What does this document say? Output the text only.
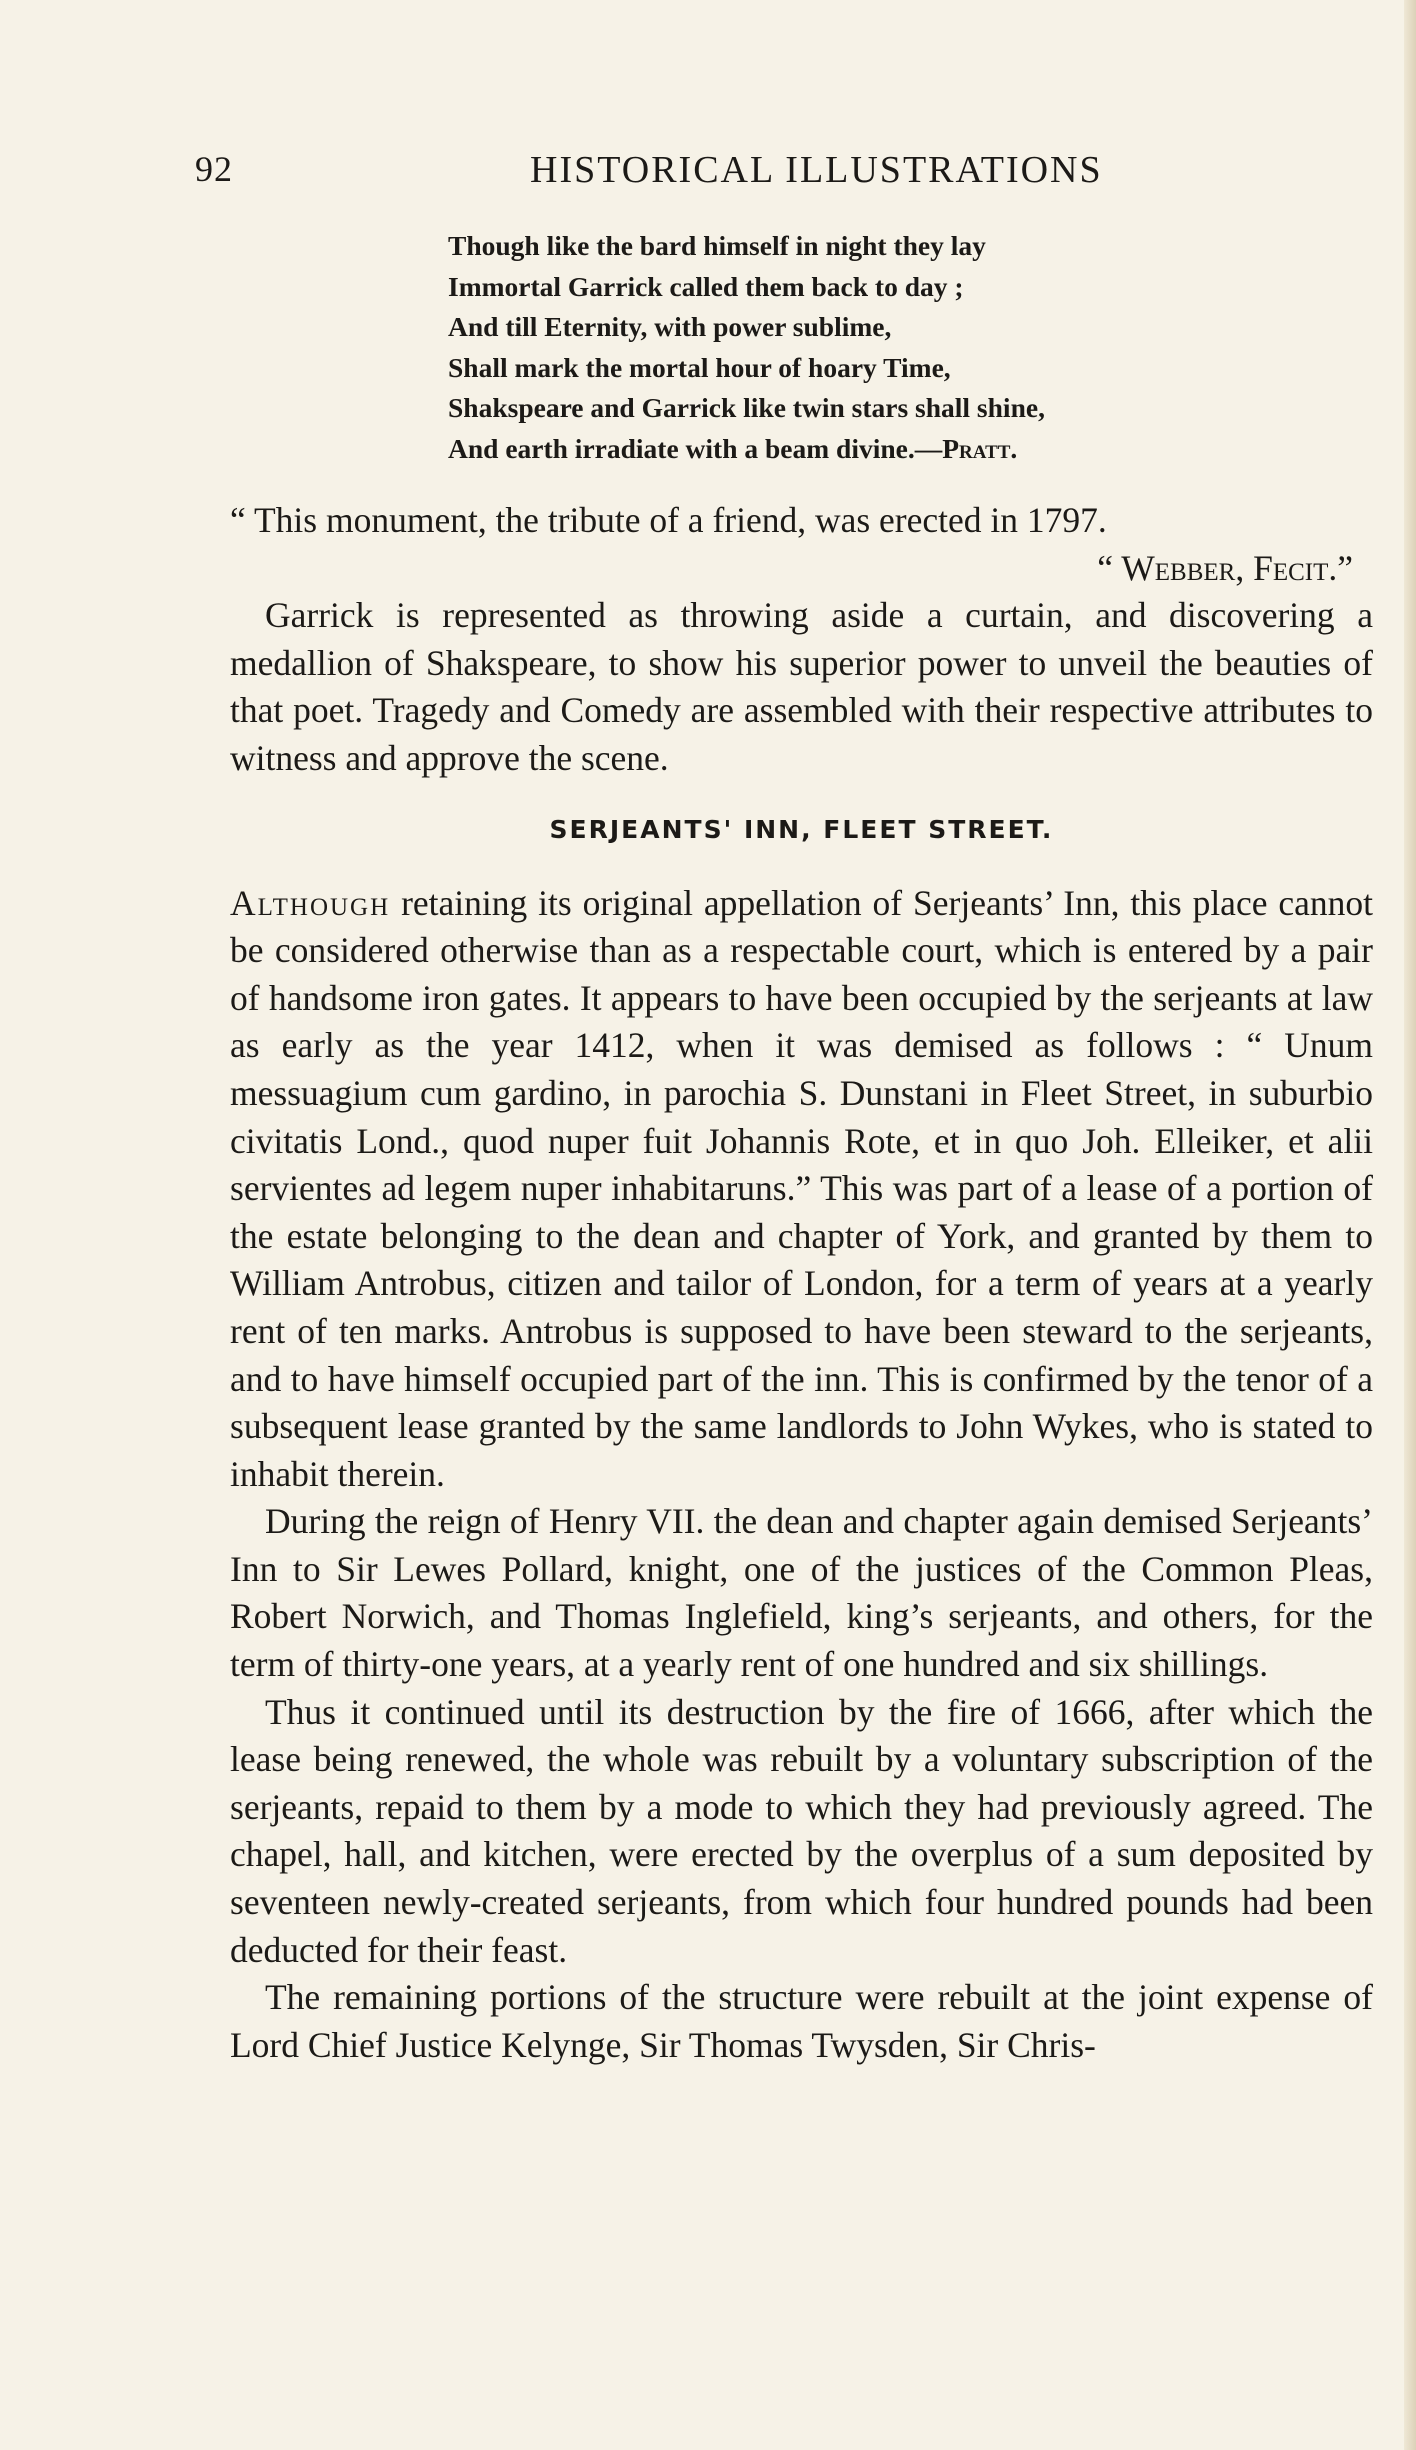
92	HISTORICAL ILLUSTRATIONS
Though like the bard himself in night they lay
Immortal Garrick called them back to day ;
And till Eternity, with power sublime,
Shall mark the mortal hour of hoary Time,
Shakspeare and Garrick like twin stars shall shine,
And earth irradiate with a beam divine.—Pratt.

“ This monument, the tribute of a friend, was erected in 1797.

“ Webber, Fecit.”

Garrick is represented as throwing aside a curtain, and discovering a medallion of Shakspeare, to show his superior power to unveil the beauties of that poet. Tragedy and Comedy are assembled with their respective attributes to witness and approve the scene.

SERJEANTS' INN, FLEET STREET.

Although retaining its original appellation of Serjeants’ Inn, this place cannot be considered otherwise than as a respectable court, which is entered by a pair of handsome iron gates. It appears to have been occupied by the serjeants at law as early as the year 1412, when it was demised as follows : “ Unum messuagium cum gardino, in parochia S. Dunstani in Fleet Street, in suburbio civitatis Lond., quod nuper fuit Johannis Rote, et in quo Joh. Elleiker, et alii servientes ad legem nuper inhabitaruns.” This was part of a lease of a portion of the estate belonging to the dean and chapter of York, and granted by them to William Antrobus, citizen and tailor of London, for a term of years at a yearly rent of ten marks. Antrobus is supposed to have been steward to the serjeants, and to have himself occupied part of the inn. This is confirmed by the tenor of a subsequent lease granted by the same landlords to John Wykes, who is stated to inhabit therein.

During the reign of Henry VII. the dean and chapter again demised Serjeants’ Inn to Sir Lewes Pollard, knight, one of the justices of the Common Pleas, Robert Norwich, and Thomas Inglefield, king’s serjeants, and others, for the term of thirty-one years, at a yearly rent of one hundred and six shillings.

Thus it continued until its destruction by the fire of 1666, after which the lease being renewed, the whole was rebuilt by a voluntary subscription of the serjeants, repaid to them by a mode to which they had previously agreed. The chapel, hall, and kitchen, were erected by the overplus of a sum deposited by seventeen newly-created serjeants, from which four hundred pounds had been deducted for their feast.

The remaining portions of the structure were rebuilt at the joint expense of Lord Chief Justice Kelynge, Sir Thomas Twysden, Sir Chris-
